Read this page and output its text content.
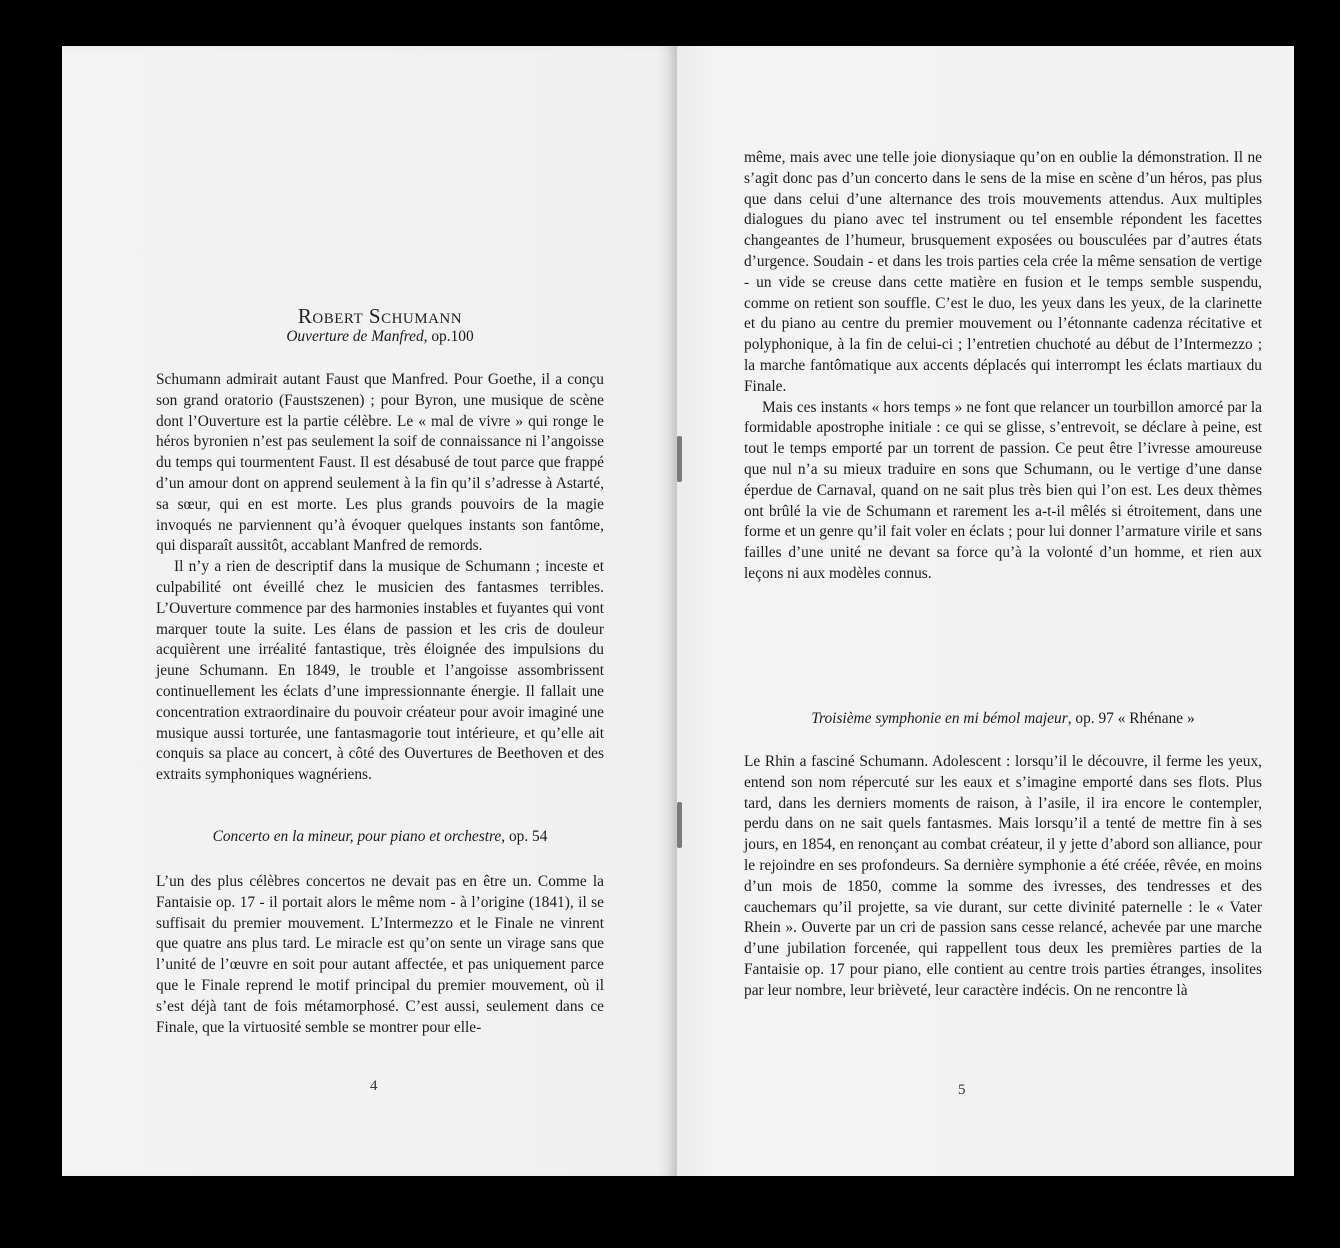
Robert Schumann
Ouverture de Manfred, op.100

Schumann admirait autant Faust que Manfred. Pour Goethe, il a conçu son grand oratorio (Faustszenen) ; pour Byron, une musique de scène dont l’Ouverture est la partie célèbre. Le « mal de vivre » qui ronge le héros byronien n’est pas seulement la soif de connaissance ni l’angoisse du temps qui tourmentent Faust. Il est désabusé de tout parce que frappé d’un amour dont on apprend seulement à la fin qu’il s’adresse à Astarté, sa sœur, qui en est morte. Les plus grands pouvoirs de la magie invoqués ne parviennent qu’à évoquer quelques instants son fantôme, qui disparaît aussitôt, accablant Manfred de remords.

Il n’y a rien de descriptif dans la musique de Schumann ; inceste et culpabilité ont éveillé chez le musicien des fantasmes terribles. L’Ouverture commence par des harmonies instables et fuyantes qui vont marquer toute la suite. Les élans de passion et les cris de douleur acquièrent une irréalité fantastique, très éloignée des impulsions du jeune Schumann. En 1849, le trouble et l’angoisse assombrissent continuellement les éclats d’une impressionnante énergie. Il fallait une concentration extraordinaire du pouvoir créateur pour avoir imaginé une musique aussi torturée, une fantasmagorie tout intérieure, et qu’elle ait conquis sa place au concert, à côté des Ouvertures de Beethoven et des extraits symphoniques wagnériens.

Concerto en la mineur, pour piano et orchestre, op. 54

L’un des plus célèbres concertos ne devait pas en être un. Comme la Fantaisie op. 17 - il portait alors le même nom - à l’origine (1841), il se suffisait du premier mouvement. L’Intermezzo et le Finale ne vinrent que quatre ans plus tard. Le miracle est qu’on sente un virage sans que l’unité de l’œuvre en soit pour autant affectée, et pas uniquement parce que le Finale reprend le motif principal du premier mouvement, où il s’est déjà tant de fois métamorphosé. C’est aussi, seulement dans ce Finale, que la virtuosité semble se montrer pour elle-

4

même, mais avec une telle joie dionysiaque qu’on en oublie la démonstration. Il ne s’agit donc pas d’un concerto dans le sens de la mise en scène d’un héros, pas plus que dans celui d’une alternance des trois mouvements attendus. Aux multiples dialogues du piano avec tel instrument ou tel ensemble répondent les facettes changeantes de l’humeur, brusquement exposées ou bousculées par d’autres états d’urgence. Soudain - et dans les trois parties cela crée la même sensation de vertige - un vide se creuse dans cette matière en fusion et le temps semble suspendu, comme on retient son souffle. C’est le duo, les yeux dans les yeux, de la clarinette et du piano au centre du premier mouvement ou l’étonnante cadenza récitative et polyphonique, à la fin de celui-ci ; l’entretien chuchoté au début de l’Intermezzo ; la marche fantômatique aux accents déplacés qui interrompt les éclats martiaux du Finale.

Mais ces instants « hors temps » ne font que relancer un tourbillon amorcé par la formidable apostrophe initiale : ce qui se glisse, s’entrevoit, se déclare à peine, est tout le temps emporté par un torrent de passion. Ce peut être l’ivresse amoureuse que nul n’a su mieux traduire en sons que Schumann, ou le vertige d’une danse éperdue de Carnaval, quand on ne sait plus très bien qui l’on est. Les deux thèmes ont brûlé la vie de Schumann et rarement les a-t-il mêlés si étroitement, dans une forme et un genre qu’il fait voler en éclats ; pour lui donner l’armature virile et sans failles d’une unité ne devant sa force qu’à la volonté d’un homme, et rien aux leçons ni aux modèles connus.

Troisième symphonie en mi bémol majeur, op. 97 « Rhénane »

Le Rhin a fasciné Schumann. Adolescent : lorsqu’il le découvre, il ferme les yeux, entend son nom répercuté sur les eaux et s’imagine emporté dans ses flots. Plus tard, dans les derniers moments de raison, à l’asile, il ira encore le contempler, perdu dans on ne sait quels fantasmes. Mais lorsqu’il a tenté de mettre fin à ses jours, en 1854, en renonçant au combat créateur, il y jette d’abord son alliance, pour le rejoindre en ses profondeurs. Sa dernière symphonie a été créée, rêvée, en moins d’un mois de 1850, comme la somme des ivresses, des tendresses et des cauchemars qu’il projette, sa vie durant, sur cette divinité paternelle : le « Vater Rhein ». Ouverte par un cri de passion sans cesse relancé, achevée par une marche d’une jubilation forcenée, qui rappellent tous deux les premières parties de la Fantaisie op. 17 pour piano, elle contient au centre trois parties étranges, insolites par leur nombre, leur brièveté, leur caractère indécis. On ne rencontre là

5
